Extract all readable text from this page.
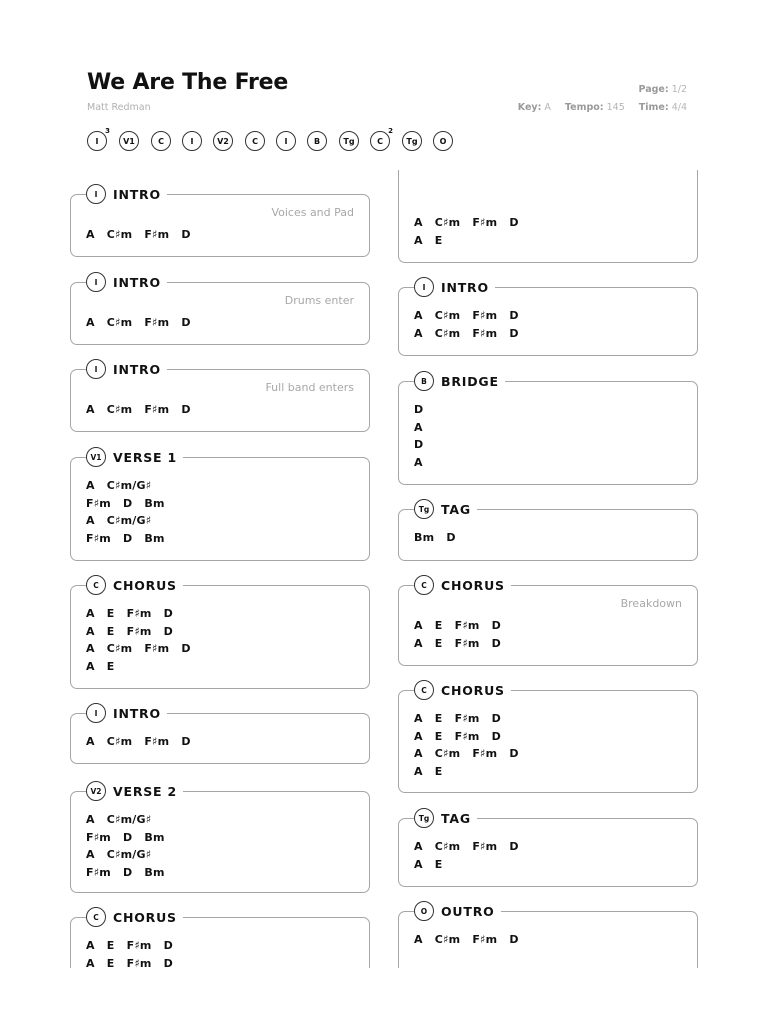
We Are The Free
Matt Redman
Page: 1/2
Key: A Tempo: 145 Time: 4/4
I
3
V1	C	I	V2	C	I	B	Tg	C
2
Tg	O
I	INTRO
Voices and Pad
A   C♯m   F♯m   D
I	INTRO
Drums enter
A   C♯m   F♯m   D
I	INTRO
Full band enters
A   C♯m   F♯m   D
V1 VERSE 1
A   C♯m/G♯
F♯m   D   Bm
A   C♯m/G♯
F♯m   D   Bm
C	CHORUS
A   E   F♯m   D
A   E   F♯m   D
A   C♯m   F♯m   D
A   E
I	INTRO
A   C♯m   F♯m   D
V2 VERSE 2
A   C♯m/G♯
F♯m   D   Bm
A   C♯m/G♯
F♯m   D   Bm
C	CHORUS
A   E   F♯m   D
A   E   F♯m   D
A   C♯m   F♯m   D
A   E
I	INTRO
A   C♯m   F♯m   D
A   C♯m   F♯m   D
B	BRIDGE
D
A
D
A
Tg TAG
Bm   D
C	CHORUS
Breakdown
A   E   F♯m   D
A   E   F♯m   D
C	CHORUS
A   E   F♯m   D
A   E   F♯m   D
A   C♯m   F♯m   D
A   E
Tg TAG
A   C♯m   F♯m   D
A   E
O	OUTRO
A   C♯m   F♯m   D
